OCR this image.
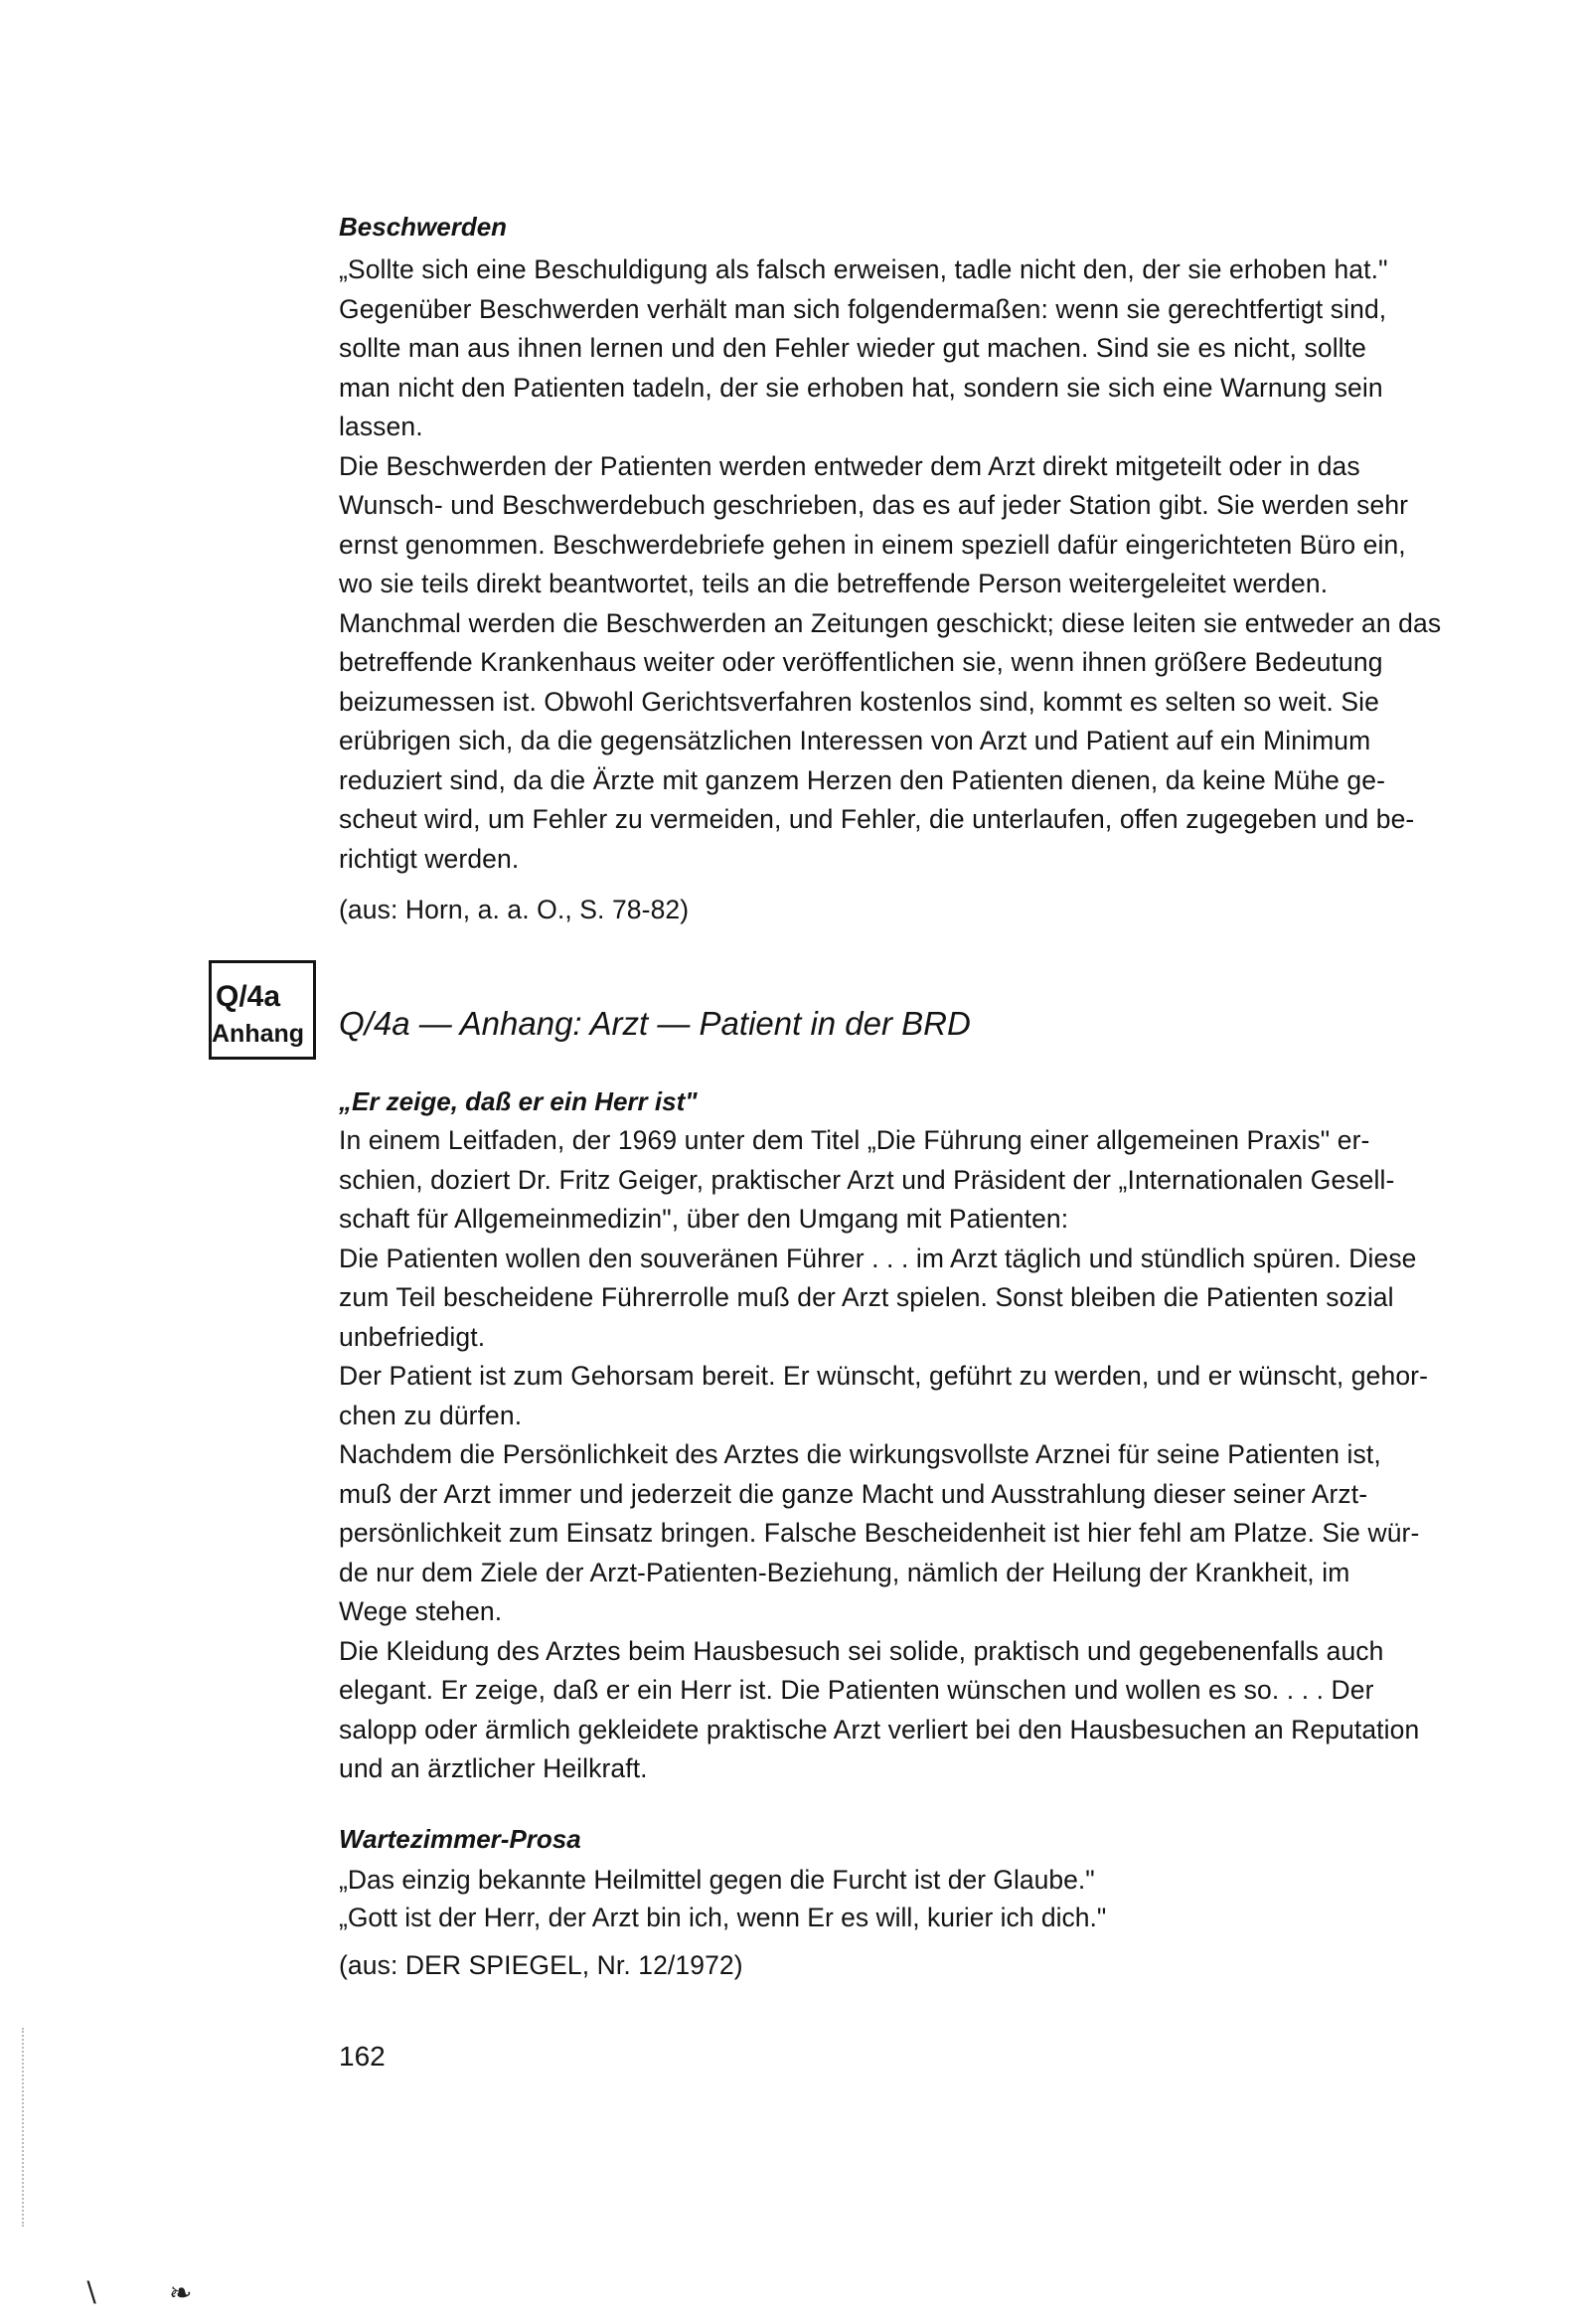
Beschwerden

„Sollte sich eine Beschuldigung als falsch erweisen, tadle nicht den, der sie erhoben hat."
Gegenüber Beschwerden verhält man sich folgendermaßen: wenn sie gerechtfertigt sind,
sollte man aus ihnen lernen und den Fehler wieder gut machen. Sind sie es nicht, sollte
man nicht den Patienten tadeln, der sie erhoben hat, sondern sie sich eine Warnung sein
lassen.
Die Beschwerden der Patienten werden entweder dem Arzt direkt mitgeteilt oder in das
Wunsch- und Beschwerdebuch geschrieben, das es auf jeder Station gibt. Sie werden sehr
ernst genommen. Beschwerdebriefe gehen in einem speziell dafür eingerichteten Büro ein,
wo sie teils direkt beantwortet, teils an die betreffende Person weitergeleitet werden.
Manchmal werden die Beschwerden an Zeitungen geschickt; diese leiten sie entweder an das
betreffende Krankenhaus weiter oder veröffentlichen sie, wenn ihnen größere Bedeutung
beizumessen ist. Obwohl Gerichtsverfahren kostenlos sind, kommt es selten so weit. Sie
erübrigen sich, da die gegensätzlichen Interessen von Arzt und Patient auf ein Minimum
reduziert sind, da die Ärzte mit ganzem Herzen den Patienten dienen, da keine Mühe ge-
scheut wird, um Fehler zu vermeiden, und Fehler, die unterlaufen, offen zugegeben und be-
richtigt werden.

(aus: Horn, a. a. O., S. 78-82)

Q/4a
Anhang Q/4a — Anhang: Arzt — Patient in der BRD

„Er zeige, daß er ein Herr ist"

In einem Leitfaden, der 1969 unter dem Titel „Die Führung einer allgemeinen Praxis" er-
schien, doziert Dr. Fritz Geiger, praktischer Arzt und Präsident der „Internationalen Gesell-
schaft für Allgemeinmedizin", über den Umgang mit Patienten:
Die Patienten wollen den souveränen Führer . . . im Arzt täglich und stündlich spüren. Diese
zum Teil bescheidene Führerrolle muß der Arzt spielen. Sonst bleiben die Patienten sozial
unbefriedigt.
Der Patient ist zum Gehorsam bereit. Er wünscht, geführt zu werden, und er wünscht, gehor-
chen zu dürfen.
Nachdem die Persönlichkeit des Arztes die wirkungsvollste Arznei für seine Patienten ist,
muß der Arzt immer und jederzeit die ganze Macht und Ausstrahlung dieser seiner Arzt-
persönlichkeit zum Einsatz bringen. Falsche Bescheidenheit ist hier fehl am Platze. Sie wür-
de nur dem Ziele der Arzt-Patienten-Beziehung, nämlich der Heilung der Krankheit, im
Wege stehen.
Die Kleidung des Arztes beim Hausbesuch sei solide, praktisch und gegebenenfalls auch
elegant. Er zeige, daß er ein Herr ist. Die Patienten wünschen und wollen es so. . . . Der
salopp oder ärmlich gekleidete praktische Arzt verliert bei den Hausbesuchen an Reputation
und an ärztlicher Heilkraft.

Wartezimmer-Prosa

„Das einzig bekannte Heilmittel gegen die Furcht ist der Glaube."
„Gott ist der Herr, der Arzt bin ich, wenn Er es will, kurier ich dich."

(aus: DER SPIEGEL, Nr. 12/1972)

162
∖	❧
